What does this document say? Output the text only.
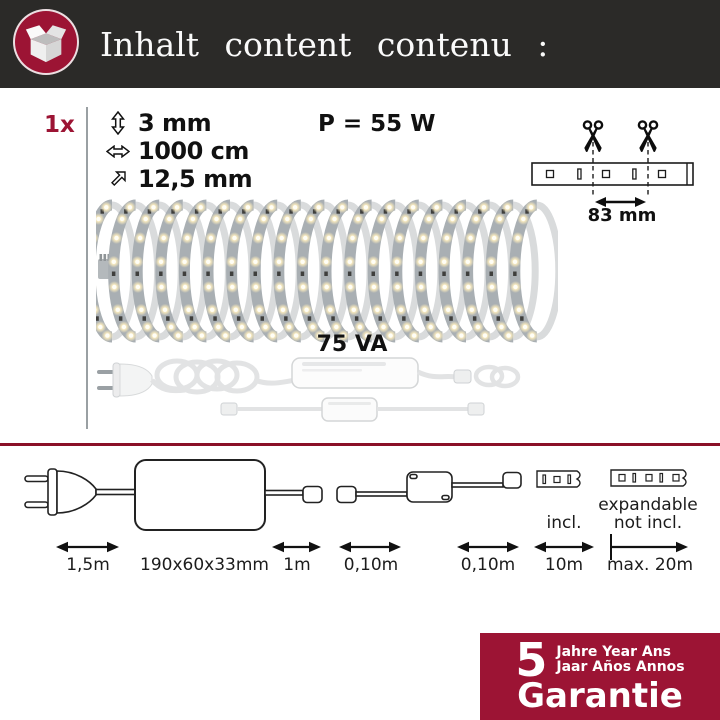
Inhalt content contenu :
1x	3 mm
1000 cm
12,5 mm
P = 55 W
83 mm
75 VA
1,5m	190x60x33mm 1m	0,10m	0,10m	10m	max. 20m
incl.
expandable
not incl.
5 Jahre Year Ans
Jaar Años Annos
Garantie
